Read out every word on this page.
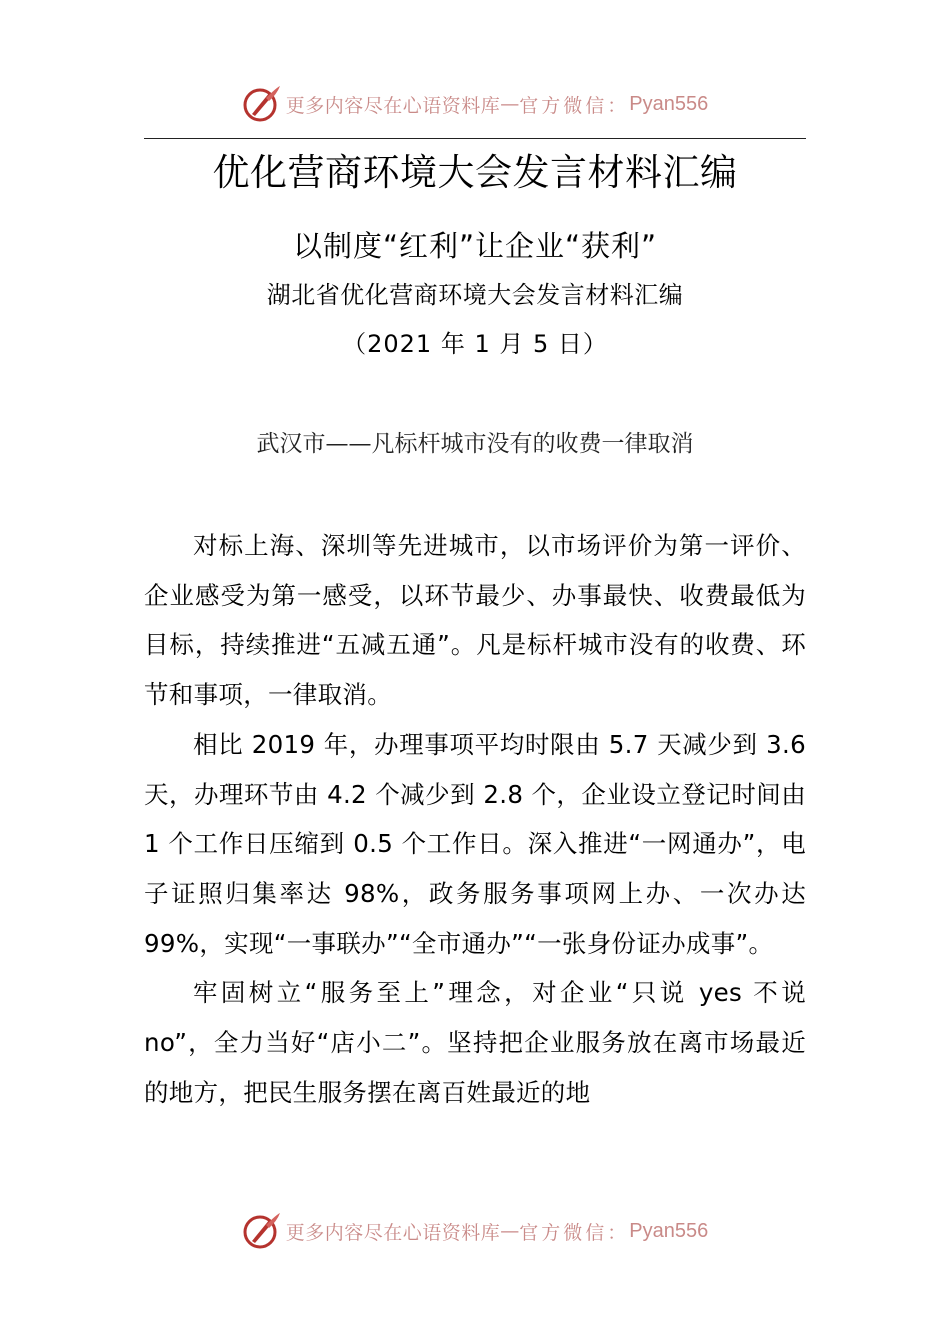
更多内容尽在心语资料库 — 官方微信： Pyan556
优化营商环境大会发言材料汇编
以制度“红利”让企业“获利”
湖北省优化营商环境大会发言材料汇编
（2021 年 1 月 5 日）
武汉市——凡标杆城市没有的收费一律取消

对标上海、深圳等先进城市，以市场评价为第一评价、企业感受为第一感受，以环节最少、办事最快、收费最低为目标，持续推进“五减五通”。凡是标杆城市没有的收费、环节和事项，一律取消。

相比 2019 年，办理事项平均时限由 5.7 天减少到 3.6 天，办理环节由 4.2 个减少到 2.8 个，企业设立登记时间由 1 个工作日压缩到 0.5 个工作日。深入推进“一网通办”，电子证照归集率达 98%，政务服务事项网上办、一次办达 99%，实现“一事联办”“全市通办”“一张身份证办成事”。

牢固树立“服务至上”理念，对企业“只说 yes 不说 no”，全力当好“店小二”。坚持把企业服务放在离市场最近的地方，把民生服务摆在离百姓最近的地

更多内容尽在心语资料库 — 官方微信： Pyan556
